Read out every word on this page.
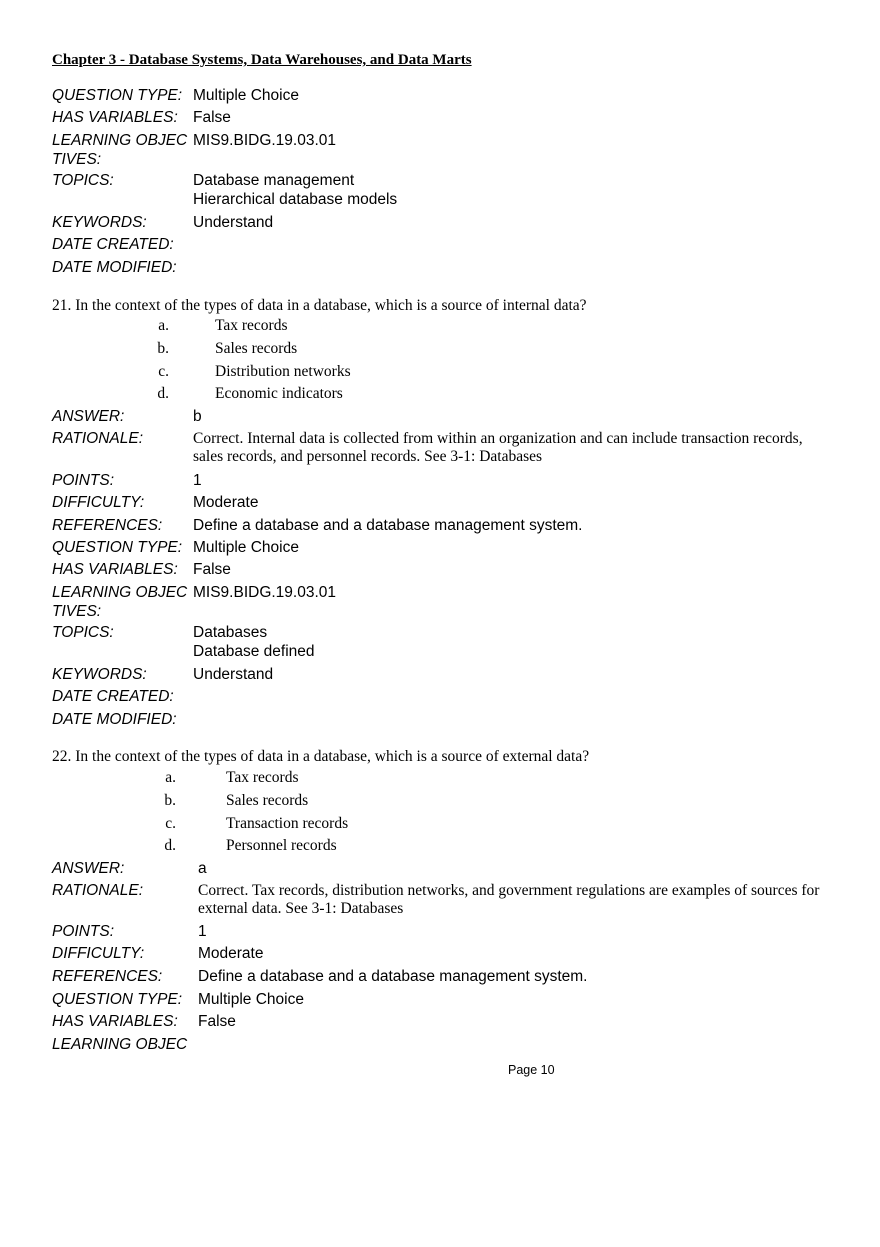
Chapter 3 - Database Systems, Data Warehouses, and Data Marts
QUESTION TYPE: Multiple Choice
HAS VARIABLES: False
LEARNING OBJEC
TIVES:
MIS9.BIDG.19.03.01
TOPICS:	Database management
Hierarchical database models
KEYWORDS:	Understand
DATE CREATED:
DATE MODIFIED:
21. In the context of the types of data in a database, which is a source of internal data?
a.	Tax records
b.	Sales records
c.	Distribution networks
d.	Economic indicators
ANSWER:	b
RATIONALE:	Correct. Internal data is collected from within an organization and can include transaction records, sales records, and personnel records. See 3-1: Databases
POINTS:	1
DIFFICULTY:	Moderate
REFERENCES: Define a database and a database management system.
QUESTION TYPE: Multiple Choice
HAS VARIABLES: False
LEARNING OBJEC
TIVES:
MIS9.BIDG.19.03.01
TOPICS:	Databases
Database defined
KEYWORDS:	Understand
DATE CREATED:
DATE MODIFIED:
22. In the context of the types of data in a database, which is a source of external data?
a.	Tax records
b.	Sales records
c.	Transaction records
d.	Personnel records
ANSWER:	a
RATIONALE:	Correct. Tax records, distribution networks, and government regulations are examples of sources for external data. See 3-1: Databases
POINTS:	1
DIFFICULTY:	Moderate
REFERENCES: Define a database and a database management system.
QUESTION TYPE: Multiple Choice
HAS VARIABLES: False
LEARNING OBJEC
Page 10
